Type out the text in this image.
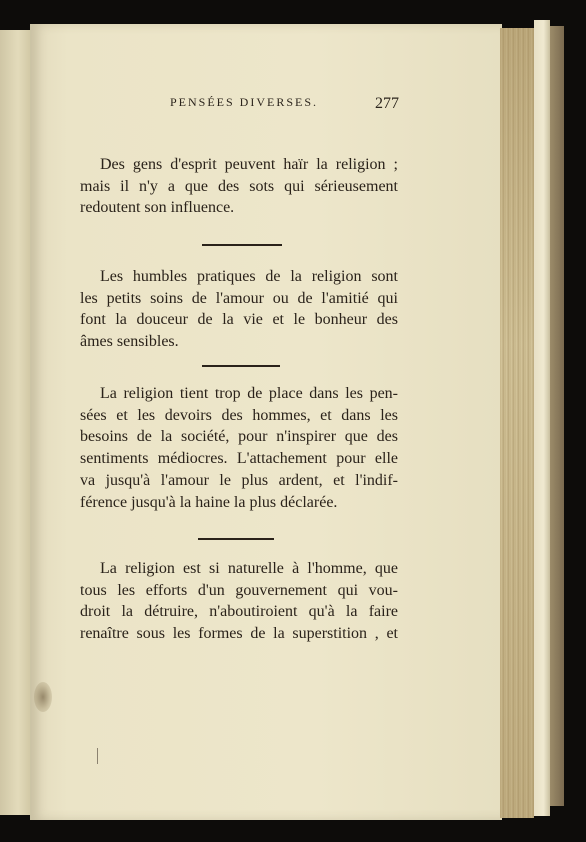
PENSÉES DIVERSES.	277
Des gens d'esprit peuvent haïr la religion ;
mais il n'y a que des sots qui sérieusement
redoutent son influence.
Les humbles pratiques de la religion sont
les petits soins de l'amour ou de l'amitié qui
font la douceur de la vie et le bonheur des
âmes sensibles.
La religion tient trop de place dans les pen-
sées et les devoirs des hommes, et dans les
besoins de la société, pour n'inspirer que des
sentiments médiocres. L'attachement pour elle
va jusqu'à l'amour le plus ardent, et l'indif-
férence jusqu'à la haine la plus déclarée.
La religion est si naturelle à l'homme, que
tous les efforts d'un gouvernement qui vou-
droit la détruire, n'aboutiroient qu'à la faire
renaître sous les formes de la superstition , et
